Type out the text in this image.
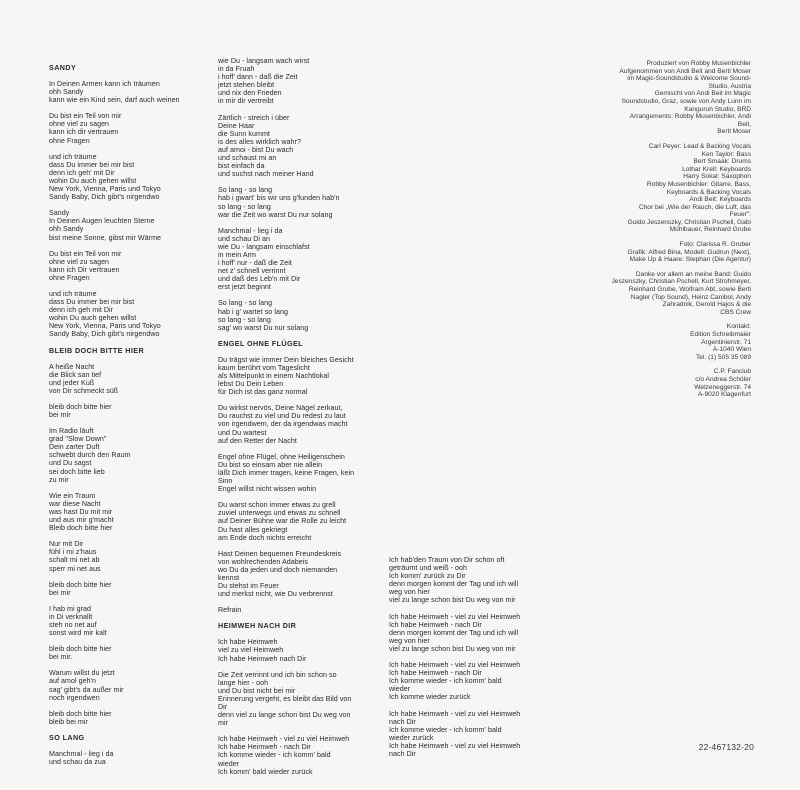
SANDY
In Deinen Armen kann ich träumen
ohh Sandy
kann wie ein Kind sein, darf auch weinen
Du bist ein Teil von mir
ohne viel zu sagen
kann ich dir vertrauen
ohne Fragen
und ich träume
dass Du immer bei mir bist
denn ich geh' mit Dir
wohin Du auch gehen willst
New York, Vienna, Paris und Tokyo
Sandy Baby, Dich gibt's nirgendwo
Sandy
In Deinen Augen leuchten Sterne
ohh Sandy
bist meine Sonne, gibst mir Wärme
Du bist ein Teil von mir
ohne viel zu sagen
kann ich Dir vertrauen
ohne Fragen
und ich träume
dass Du immer bei mir bist
denn ich geh mit Dir
wohin Du auch gehen willst
New York, Vienna, Paris und Tokyo
Sandy Baby, Dich gibt's nirgendwo
BLEIB DOCH BITTE HIER
A heiße Nacht
die Blick san tief
und jeder Kuß
von Dir schmeckt süß
bleib doch bitte hier
bei mir
Im Radio läuft
grad "Slow Down"
Dein zarter Duft
schwebt durch den Raum
und Du sagst
sei doch bitte lieb
zu mir
Wie ein Traum
war diese Nacht
was hast Du mit mir
und aus mir g'macht
Bleib doch bitte hier
Nur mit Dir
fühl i mi z'haus
schalt mi net ab
sperr mi net aus
bleib doch bitte hier
bei mir
I hab mi grad
in Di verknallt
steh no net auf
sonst wird mir kalt
bleib doch bitte hier
bei mir.
Warum willst du jetzt
auf amol geh'n
sag' gibt's da außer mir
noch irgendwen
bleib doch bitte hier
bleib bei mir
SO LANG
Manchmal - lieg i da
und schau da zua
wie Du - langsam wach wirst
in da Fruah
i hoff' dann - daß die Zeit
jetzt stehen bleibt
und nix den Frieden
in mir dir vertreibt
Zärtlich - streich i über
Deine Haar
die Sunn kummt
is des alles wirklich wahr?
auf amoi - bist Du wach
und schaust mi an
bist einfach da
und suchst nach meiner Hand
So lang - so lang
hab i gwart' bis wir uns g'funden hab'n
so lang - so lang
war die Zeit wo warst Du nur solang
Manchmal - lieg i da
und schau Di an
wie Du - langsam einschlafst
in mein Arm
i hoff' nur - daß die Zeit
net z' schnell verrinnt
und daß des Leb'n mit Dir
erst jetzt beginnt
So lang - so lang
hab i g' wartet so lang
so lang - so lang
sag' wo warst Du nur solang
ENGEL OHNE FLÜGEL
Du trägst wie immer Dein bleiches Gesicht
kaum berührt vom Tageslicht
als Mittelpunkt in einem Nachtlokal
lebst Du Dein Leben
für Dich ist das ganz normal
Du wirkst nervös, Deine Nägel zerkaut,
Du rauchst zu viel und Du redest zu laut
von irgendwem, der da irgendwas macht
und Du wartest
auf den Retter der Nacht
Engel ohne Flügel, ohne Heiligenschein
Du bist so einsam aber nie allein
läßt Dich immer tragen, keine Fragen, kein
Sinn
Engel willst nicht wissen wohin
Du warst schon immer etwas zu grell
zuviel unterwegs und etwas zu schnell
auf Deiner Bühne war die Rolle zu leicht
Du hast alles gekriegt
am Ende doch nichts erreicht
Hast Deinen bequemen Freundeskreis
von wohlrechenden Adabeis
wo Du da jeden und doch niemanden
kennst
Du stehst im Feuer
und merkst nicht, wie Du verbrennst
Refrain
HEIMWEH NACH DIR
Ich habe Heimweh
viel zu viel Heimweh
Ich habe Heimweh nach Dir
Die Zeit verrinnt und ich bin schon so
lange hier - ooh
und Du bist nicht bei mir
Erinnerung vergeht, es bleibt das Bild von
Dir
denn viel zu lange schon bist Du weg von
mir
Ich habe Heimweh - viel zu viel Heimweh
Ich habe Heimweh - nach Dir
Ich komme wieder - ich komm' bald
wieder
Ich komm' bald wieder zurück
Ich hab'den Traum von Dir schon oft
geträumt und weiß - ooh
Ich komm' zurück zu Dir
denn morgen kommt der Tag und ich will
weg von hier
viel zu lange schon bist Du weg von mir
Ich habe Heimweh - viel zu viel Heimweh
Ich habe Heimweh - nach Dir
denn morgen kommt der Tag und ich will
weg von hier
viel zu lange schon bist Du weg von mir
Ich habe Heimweh - viel zu viel Heimweh
Ich habe Heimweh - nach Dir
Ich komme wieder - ich komm' bald
wieder
Ich komme wieder zurück
Ich habe Heimweh - viel zu viel Heimweh
nach Dir
Ich komme wieder - ich komm' bald
wieder zurück
Ich habe Heimweh - viel zu viel Heimweh
nach Dir
Produziert von Robby Musenbichler
Aufgenommen von Andi Beit and Bertl Moser
im Magic-Soundstudio & Welcome Sound-
Studio, Austria
Gemischt von Andi Beit im Magic
Soundstudio, Graz, sowie von Andy Lunn im
Kanguruh Studio, BRD
Arrangements: Robby Musenbichler, Andi
Beit,
Bertl Moser
Carl Peyer: Lead & Backing Vocals
Ken Taylor: Bass
Bert Smaak: Drums
Lothar Krell: Keyboards
Harry Sokal: Saxophon
Robby Musenbichler: Gitarre, Bass,
Keyboards & Backing Vocals
Andi Beit: Keyboards
Chor bei „Wie der Rauch, die Luft, das
Feuer":
Guido Jeszenszky, Christian Pschell, Gabi
Mühlbauer, Reinhard Grube
Foto: Clarissa R. Gruber
Grafik: Alfred Bina, Modell: Gudrun (Next),
Make Up & Haare: Stephan (Die Agentur)
Danke vor allem an meine Band: Guido
Jeszenszky, Christian Pschell, Kurt Strohmeyer,
Reinhard Grube, Wolfram Abt, sowie Berti
Nagler (Top Sound), Heinz Canibol, Andy
Zahradnik, Gerold Hajos & die
CBS Crew
Kontakt:
Edition Schreibmaier
Argentinierstr. 71
A-1040 Wien
Tel. (1) 505 35 089
C.P. Fanclub
c/o Andrea Schöler
Welzeneggerstr. 74
A-9020 Klagenfurt
22-467132-20
